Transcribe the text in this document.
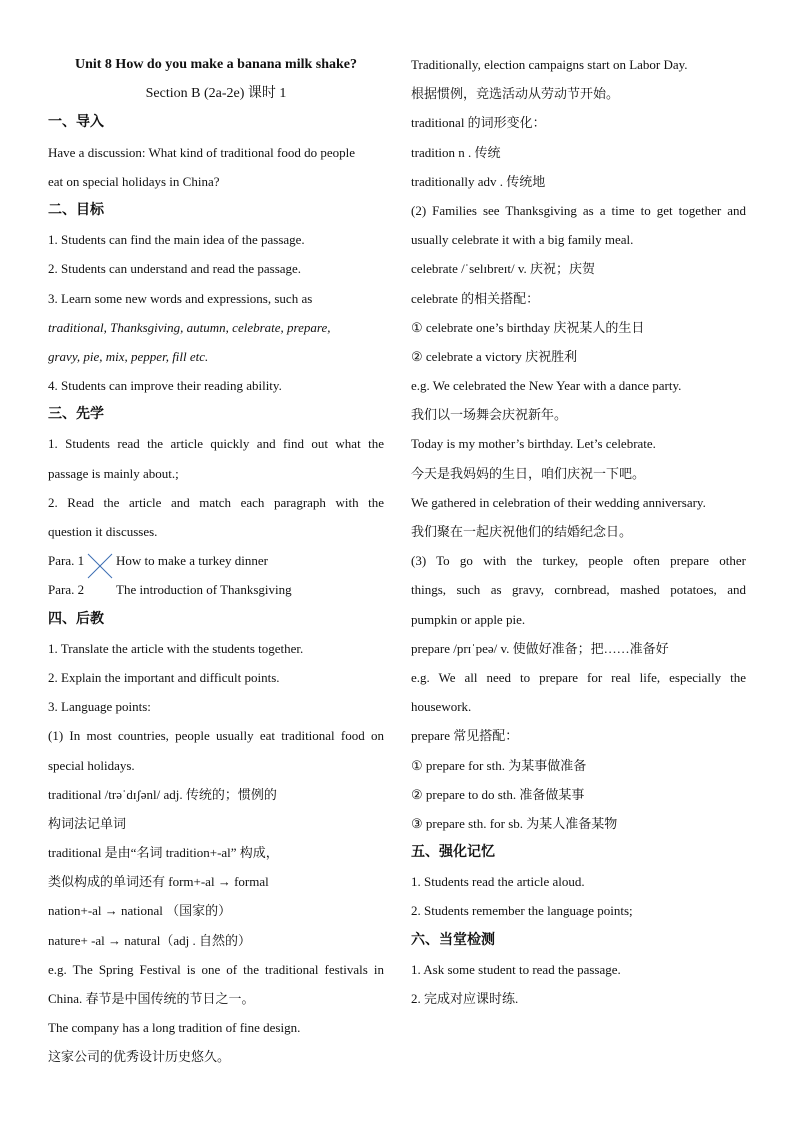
Unit 8 How do you make a banana milk shake?
Section B (2a-2e) 课时 1
一、导入
Have a discussion: What kind of traditional food do people
eat on special holidays in China?
二、目标
1. Students can find the main idea of the passage.
2. Students can understand and read the passage.
3. Learn some new words and expressions, such as
traditional, Thanksgiving, autumn, celebrate, prepare,
gravy, pie, mix, pepper, fill etc.
4. Students can improve their reading ability.
三、先学
1. Students read the article quickly and find out what the
passage is mainly about.;
2. Read the article and match each paragraph with the
question it discusses.
Para. 1 How to make a turkey dinner
Para. 2 The introduction of Thanksgiving
四、后教
1. Translate the article with the students together.
2. Explain the important and difficult points.
3. Language points:
(1) In most countries, people usually eat traditional food on
special holidays.
traditional /trəˈdɪʃənl/ adj. 传统的；惯例的
构词法记单词
traditional 是由“名词 tradition+-al” 构成，
类似构成的单词还有 form+-al → formal
nation+-al → national （国家的）
nature+ -al → natural（adj . 自然的）
e.g. The Spring Festival is one of the traditional festivals in
China. 春节是中国传统的节日之一。
The company has a long tradition of fine design.
这家公司的优秀设计历史悠久。
Traditionally, election campaigns start on Labor Day.
根据惯例，竞选活动从劳动节开始。
traditional 的词形变化：
tradition n . 传统
traditionally adv . 传统地
(2) Families see Thanksgiving as a time to get together and
usually celebrate it with a big family meal.
celebrate /ˈselɪbreɪt/ v. 庆祝；庆贺
celebrate 的相关搭配：
① celebrate one’s birthday 庆祝某人的生日
② celebrate a victory 庆祝胜利
e.g. We celebrated the New Year with a dance party.
我们以一场舞会庆祝新年。
Today is my mother’s birthday. Let’s celebrate.
今天是我妈妈的生日，咱们庆祝一下吧。
We gathered in celebration of their wedding anniversary.
我们聚在一起庆祝他们的结婚纪念日。
(3) To go with the turkey, people often prepare other
things, such as gravy, cornbread, mashed potatoes, and
pumpkin or apple pie.
prepare /prɪˈpeə/ v. 使做好准备；把……准备好
e.g. We all need to prepare for real life, especially the
housework.
prepare 常见搭配：
① prepare for sth. 为某事做准备
② prepare to do sth. 准备做某事
③ prepare sth. for sb. 为某人准备某物
五、强化记忆
1. Students read the article aloud.
2. Students remember the language points;
六、当堂检测
1. Ask some student to read the passage.
2. 完成对应课时练.
